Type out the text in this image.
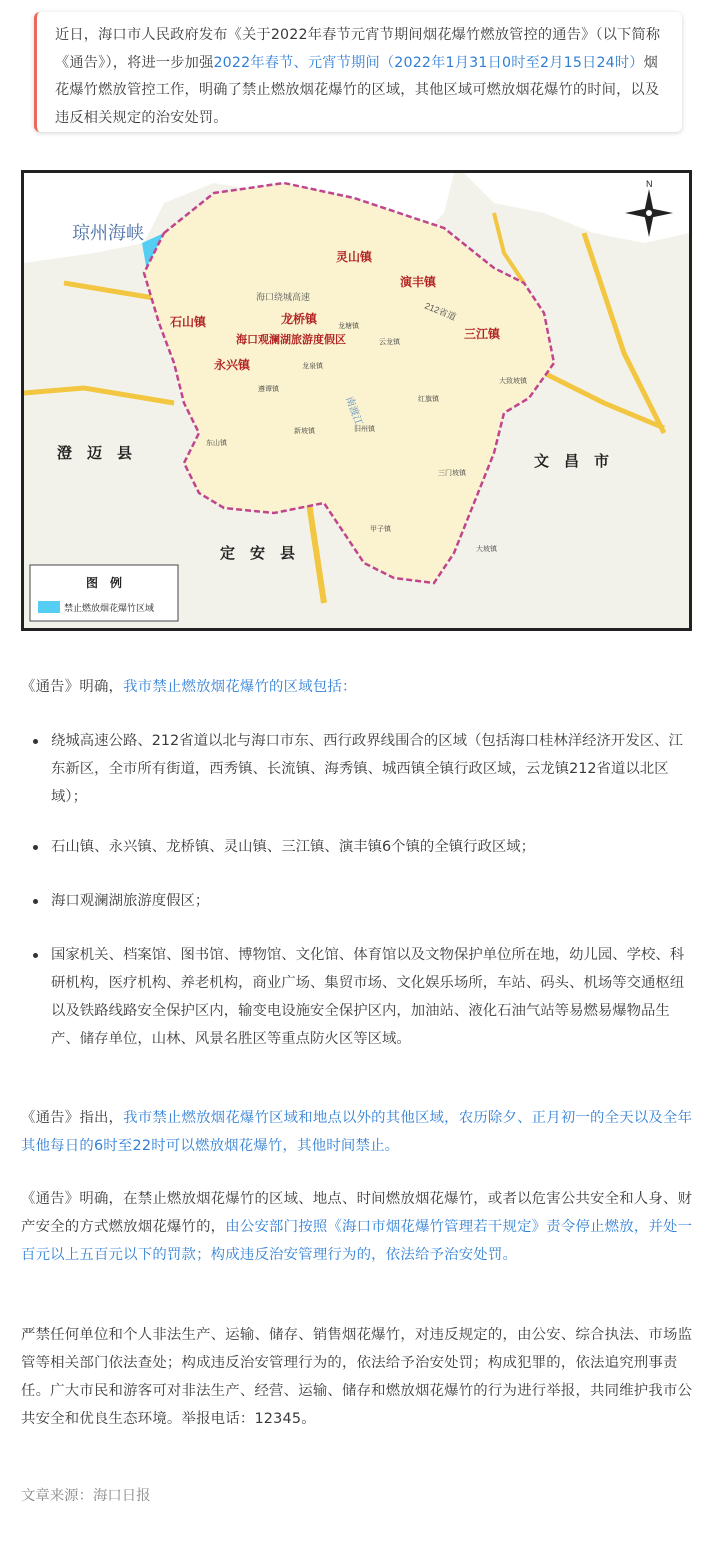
近日，海口市人民政府发布《关于2022年春节元宵节期间烟花爆竹燃放管控的通告》（以下简称《通告》），将进一步加强2022年春节、元宵节期间（2022年1月31日0时至2月15日24时）烟花爆竹燃放管控工作，明确了禁止燃放烟花爆竹的区域，其他区域可燃放烟花爆竹的时间，以及违反相关规定的治安处罚。
N
琼州海峡
灵山镇
演丰镇
石山镇	龙桥镇
三江镇
海口观澜湖旅游度假区
永兴镇
海口绕城高速
212省道
南渡江
澄　迈　县
定　安　县
文　昌　市
遵谭镇
东山镇
新坡镇
龙泉镇
龙塘镇
云龙镇
旧州镇
红旗镇
三门坡镇
甲子镇
大坡镇
大致坡镇
图　例
禁止燃放烟花爆竹区域
《通告》明确，我市禁止燃放烟花爆竹的区域包括：
绕城高速公路、212省道以北与海口市东、西行政界线围合的区域（包括海口桂林洋经济开发区、江东新区，全市所有街道，西秀镇、长流镇、海秀镇、城西镇全镇行政区域，云龙镇212省道以北区域）；
石山镇、永兴镇、龙桥镇、灵山镇、三江镇、演丰镇6个镇的全镇行政区域；
海口观澜湖旅游度假区；
国家机关、档案馆、图书馆、博物馆、文化馆、体育馆以及文物保护单位所在地，幼儿园、学校、科研机构，医疗机构、养老机构，商业广场、集贸市场、文化娱乐场所，车站、码头、机场等交通枢纽以及铁路线路安全保护区内，输变电设施安全保护区内，加油站、液化石油气站等易燃易爆物品生产、储存单位，山林、风景名胜区等重点防火区等区域。
《通告》指出，我市禁止燃放烟花爆竹区域和地点以外的其他区域，农历除夕、正月初一的全天以及全年其他每日的6时至22时可以燃放烟花爆竹，其他时间禁止。
《通告》明确，在禁止燃放烟花爆竹的区域、地点、时间燃放烟花爆竹，或者以危害公共安全和人身、财产安全的方式燃放烟花爆竹的，由公安部门按照《海口市烟花爆竹管理若干规定》责令停止燃放，并处一百元以上五百元以下的罚款；构成违反治安管理行为的，依法给予治安处罚。
严禁任何单位和个人非法生产、运输、储存、销售烟花爆竹，对违反规定的，由公安、综合执法、市场监管等相关部门依法查处；构成违反治安管理行为的，依法给予治安处罚；构成犯罪的，依法追究刑事责任。广大市民和游客可对非法生产、经营、运输、储存和燃放烟花爆竹的行为进行举报，共同维护我市公共安全和优良生态环境。举报电话：12345。
文章来源：海口日报
